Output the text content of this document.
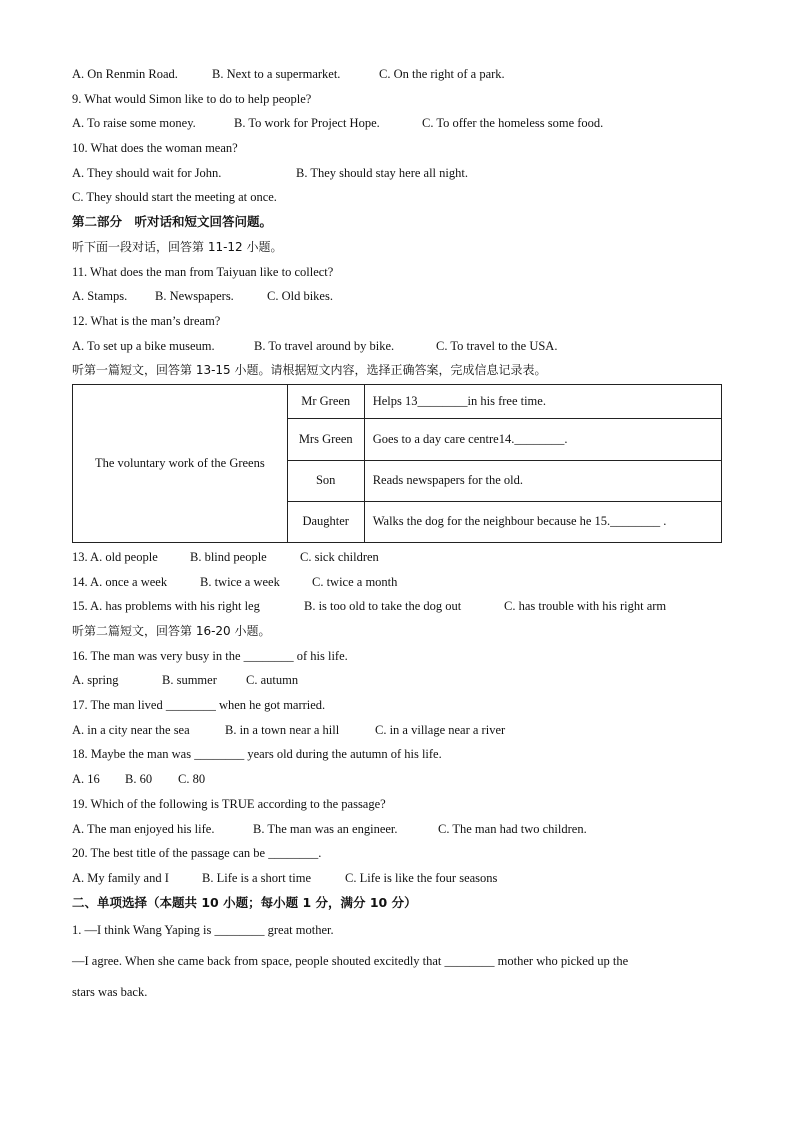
A. On Renmin Road.	B. Next to a supermarket.	C. On the right of a park.
9. What would Simon like to do to help people?
A. To raise some money.	B. To work for Project Hope.	C. To offer the homeless some food.
10. What does the woman mean?
A. They should wait for John.	B. They should stay here all night.
C. They should start the meeting at once.
第二部分　听对话和短文回答问题。
听下面一段对话，回答第 11-12 小题。
11. What does the man from Taiyuan like to collect?
A. Stamps. B. Newspapers.	C. Old bikes.
12. What is the man’s dream?
A. To set up a bike museum.	B. To travel around by bike.	C. To travel to the USA.
听第一篇短文，回答第 13-15 小题。请根据短文内容，选择正确答案，完成信息记录表。
The voluntary work of the Greens	Mr Green	Helps 13________in his free time.
	Mrs Green	Goes to a day care centre14.________.
	Son	Reads newspapers for the old.
	Daughter	Walks the dog for the neighbour because he 15.________ .
13. A. old people	B. blind people	C. sick children
14. A. once a week	B. twice a week	C. twice a month
15. A. has problems with his right leg	B. is too old to take the dog out	C. has trouble with his right arm
听第二篇短文，回答第 16-20 小题。
16. The man was very busy in the ________ of his life.
A. spring	B. summer C. autumn
17. The man lived ________ when he got married.
A. in a city near the sea	B. in a town near a hill	C. in a village near a river
18. Maybe the man was ________ years old during the autumn of his life.
A. 16 B. 60 C. 80
19. Which of the following is TRUE according to the passage?
A. The man enjoyed his life.	B. The man was an engineer.	C. The man had two children.
20. The best title of the passage can be ________.
A. My family and I	B. Life is a short time	C. Life is like the four seasons
二、单项选择（本题共 10 小题；每小题 1 分，满分 10 分）
1. —I think Wang Yaping is ________ great mother.
—I agree. When she came back from space, people shouted excitedly that ________ mother who picked up the
stars was back.
